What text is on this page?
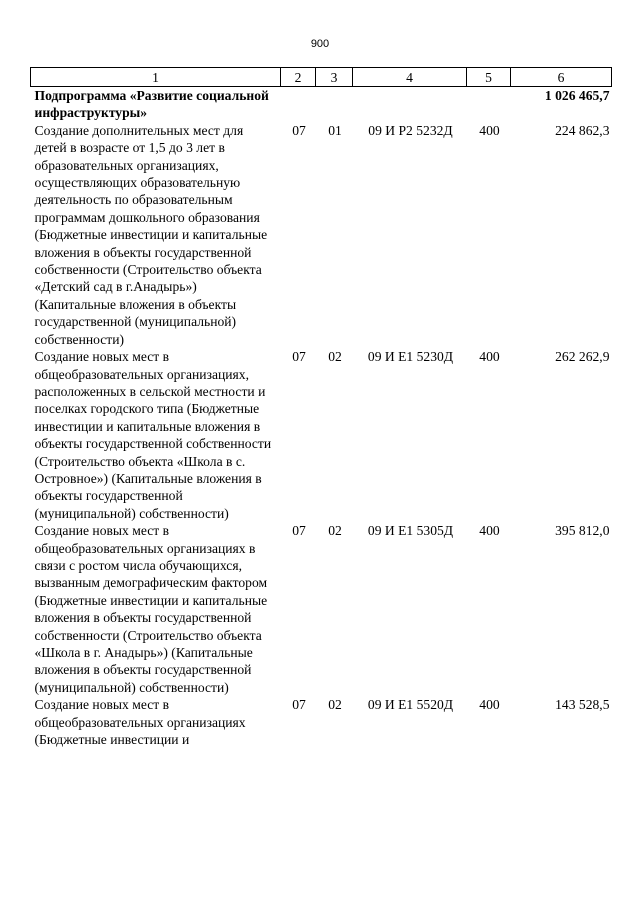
900
1	2	3	4	5	6
Подпрограмма «Развитие социальной инфраструктуры»					1 026 465,7
Создание дополнительных мест для детей в возрасте от 1,5 до 3 лет в образовательных организациях, осуществляющих образовательную деятельность по образовательным программам дошкольного образования (Бюджетные инвестиции и капитальные вложения в объекты государственной собственности (Строительство объекта «Детский сад в г.Анадырь») (Капитальные вложения в объекты государственной (муниципальной) собственности)	07	01	09 И Р2 5232Д	400	224 862,3
Создание новых мест в общеобразовательных организациях, расположенных в сельской местности и поселках городского типа (Бюджетные инвестиции и капитальные вложения в объекты государственной собственности (Строительство объекта «Школа в с. Островное») (Капитальные вложения в объекты государственной (муниципальной) собственности)	07	02	09 И Е1 5230Д	400	262 262,9
Создание новых мест в общеобразовательных организациях в связи с ростом числа обучающихся, вызванным демографическим фактором (Бюджетные инвестиции и капитальные вложения в объекты государственной собственности (Строительство объекта «Школа в г. Анадырь») (Капитальные вложения в объекты государственной (муниципальной) собственности)	07	02	09 И Е1 5305Д	400	395 812,0
Создание новых мест в общеобразовательных организациях (Бюджетные инвестиции и	07	02	09 И Е1 5520Д	400	143 528,5
